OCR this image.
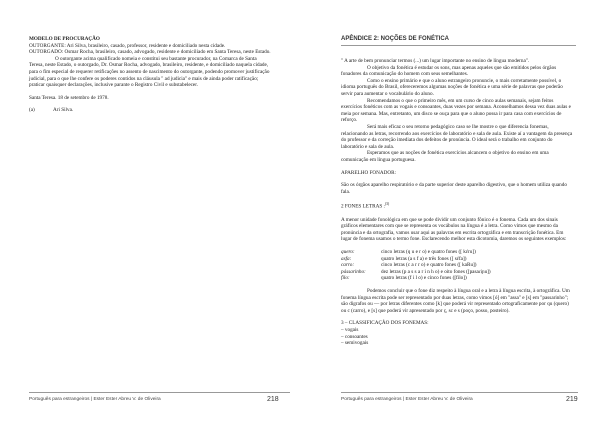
MODELO DE PROCURAÇÃO

OUTORGANTE: Ari Silva, brasileiro, casado, professor, residente e domiciliado nesta cidade.

OUTORGADO: Osmar Rocha, brasileiro, casado, advogado, residente e domiciliado em Santa Teresa, neste Estado.

O outorgante acima qualificado nomeia e constitui seu bastante procurador, na Comarca de Santa Teresa, neste Estado, o outorgado, Dr. Osmar Rocha, advogado, brasileiro, residente, e domiciliado naquela cidade, para o fim especial de requerer retificações no assento de nascimento do outorgante, podendo promover justificação judicial, para o que lhe confere os poderes contidos na cláusula " ad judicia" e mais de ainda poder ratificação; praticar quaisquer declarações, inclusive parante o Registro Civil e substabelecer.

Santa Teresa. 18 de setembro de 1978.

(a)	Ari Silva.

Português para estrangeiros | Ester Ester Abreu V. de Oliveira	218
APÊNDICE 2: NOÇÕES DE FONÉTICA

" A arte de bem pronunciar termos (...) um lugar importante no ensino de língua moderna".

O objetivo da fonética é estudar os sons, mas apenas aqueles que são emitidos pelos órgãos fonadores da comunicação do homem com seus semelhantes.

Como o ensino primário e que o aluno estrangeiro pronuncie, o mais corretamente possível, o idioma português do Brasil, ofereceremos algumas noções de fonética e uma série de palavras que poderão servir para aumentar o vocabulário do aluno.

Recomendamos o que o primeiro mês, em um curso de cinco aulas semanais, sejam feitos exercícios fonéticos com as vogais e consoantes, duas vezes por semana. Aconselhamos dessa vez duas aulas e meia por semana. Mas, entretanto, um disco se ouça para que o aluno possa ir para casa com exercícios de reforço.

Será mais eficaz o seu retorno pedagógico caso se lhe mostre o que diferencia fonemas, relacionando as letras, recorrendo aos exercícios de laboratório e sala de aula. Existe aí a vantagem da presença do professor e da correção imediata dos defeitos de pronúncia. O ideal será o trabalho em conjunto do laboratório e sala de aula.

Esperamos que as noções de fonética exercícios alcancem o objetivo do ensino em uma comunicação em língua portuguesa.

APARELHO FONADOR:

São os órgãos aparelho respiratório e da parte superior deste aparelho digestivo, que o homem utiliza quando fala.

2 FONES LETRAS :$^{(3)}$

A menor unidade fonológica em que se pode dividir um conjunto fônico é o fonema. Cada um dos sinais gráficos elementares com que se representa os vocábulos na língua é a letra. Como vimos que mesmo da pronúncia e da ortografia, vamos usar aqui as palavras em escrita ortográfica e em transcrição fonética. Em lugar de fonema usamos o termo fone. Esclarecendo melhor esta dicotomia, daremos os seguintes exemplos:

quero:	cinco letras (q u e r o) e quatro fones ([ kέru])
asfa:	quatro letras (a s f a) e três fones ([ sέfa])
carro:	cinco letras (c a r r o) e quatro fones ([ kaRu])
pássarinho:	dez letras (p a s s a r i n h o) e oito fones ([pasaɾiɲu])
filo:	quatro letras (f i l o) e cinco fones ([filo])

Podemos concluir que o fone diz respeito à língua oral e a letra à língua escrita, à ortográfica. Um fonema língua escrita pode ser representado por duas letras, como vimos [ó] em "assa" e [s] em "passarinho"; são digrafos ou — por letras diferentes como [k] que poderá vir representado ortograficamente por qu (quero) ou c (carro), e [s] que poderá vir apresentado por ç, sc e s (poço, posso, posteiro).

3 – CLASSIFICAÇÃO DOS FONEMAS:

– vogais

– consoantes

– semivogais

Português para estrangeiros | Ester Ester Abreu V. de Oliveira	219
